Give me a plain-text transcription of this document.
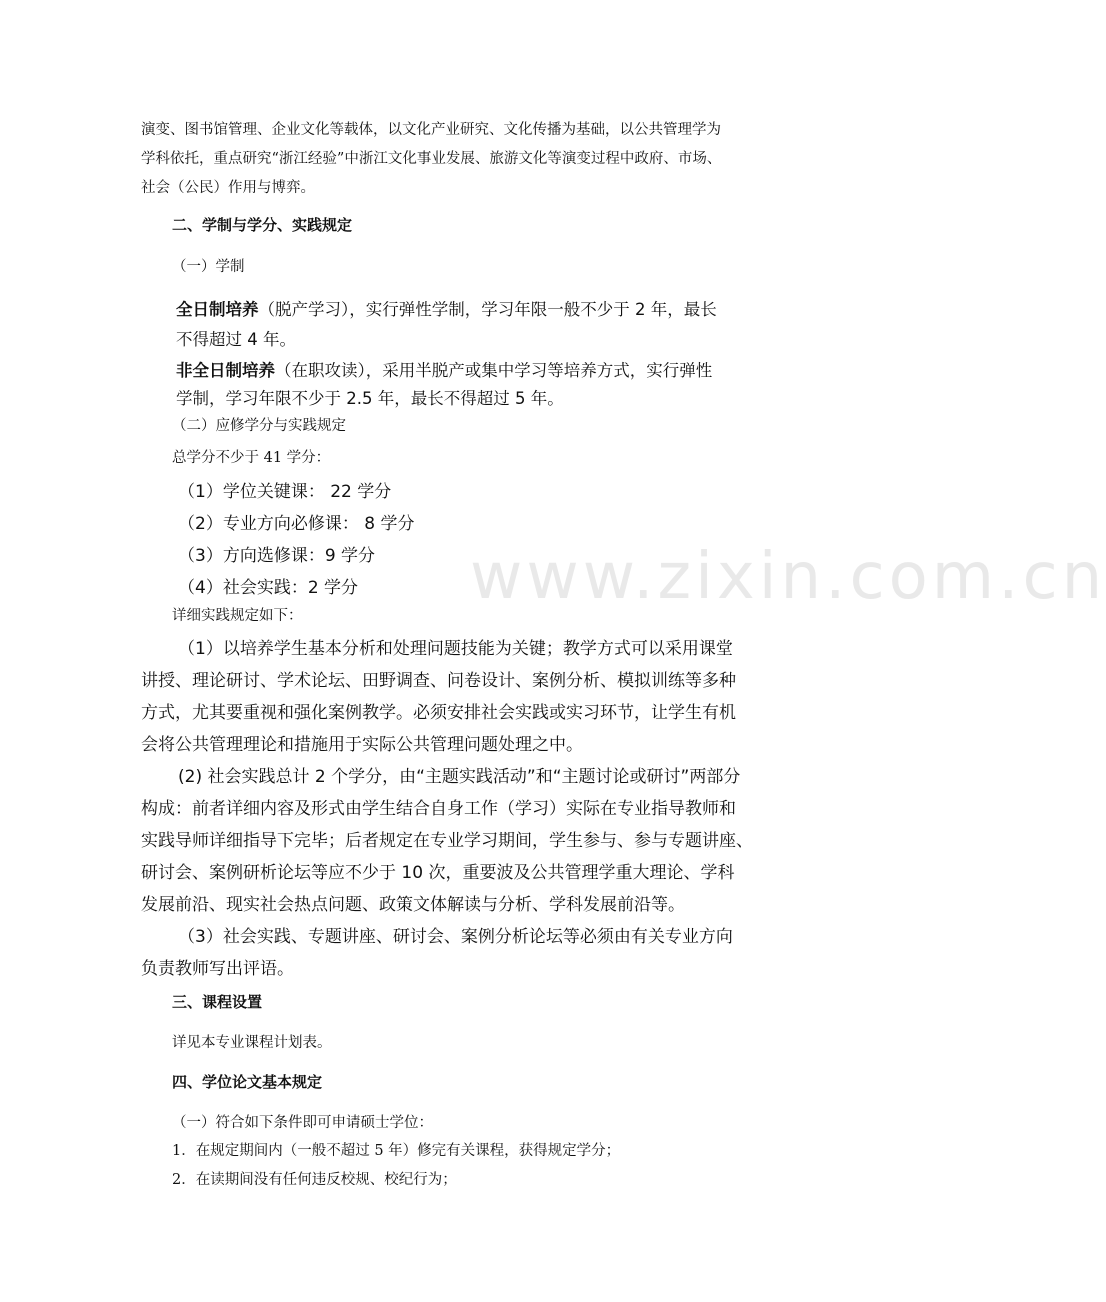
www.zixin.com.cn
演变、图书馆管理、企业文化等载体，以文化产业研究、文化传播为基础，以公共管理学为
学科依托，重点研究“浙江经验”中浙江文化事业发展、旅游文化等演变过程中政府、市场、
社会（公民）作用与博弈。
二、学制与学分、实践规定
（一）学制
全日制培养（脱产学习），实行弹性学制，学习年限一般不少于 2 年，最长
不得超过 4 年。
非全日制培养（在职攻读），采用半脱产或集中学习等培养方式，实行弹性
学制，学习年限不少于 2.5 年，最长不得超过 5 年。
（二）应修学分与实践规定
总学分不少于 41 学分：
（1）学位关键课： 22 学分
（2）专业方向必修课： 8 学分
（3）方向选修课：9 学分
（4）社会实践：2 学分
详细实践规定如下：
（1）以培养学生基本分析和处理问题技能为关键；教学方式可以采用课堂
讲授、理论研讨、学术论坛、田野调查、问卷设计、案例分析、模拟训练等多种
方式，尤其要重视和强化案例教学。必须安排社会实践或实习环节，让学生有机
会将公共管理理论和措施用于实际公共管理问题处理之中。
(2) 社会实践总计 2 个学分，由“主题实践活动”和“主题讨论或研讨”两部分
构成：前者详细内容及形式由学生结合自身工作（学习）实际在专业指导教师和
实践导师详细指导下完毕；后者规定在专业学习期间，学生参与、参与专题讲座、
研讨会、案例研析论坛等应不少于 10 次，重要波及公共管理学重大理论、学科
发展前沿、现实社会热点问题、政策文体解读与分析、学科发展前沿等。
（3）社会实践、专题讲座、研讨会、案例分析论坛等必须由有关专业方向
负责教师写出评语。
三、课程设置
详见本专业课程计划表。
四、学位论文基本规定
（一）符合如下条件即可申请硕士学位：
1．在规定期间内（一般不超过 5 年）修完有关课程，获得规定学分；
2．在读期间没有任何违反校规、校纪行为；
